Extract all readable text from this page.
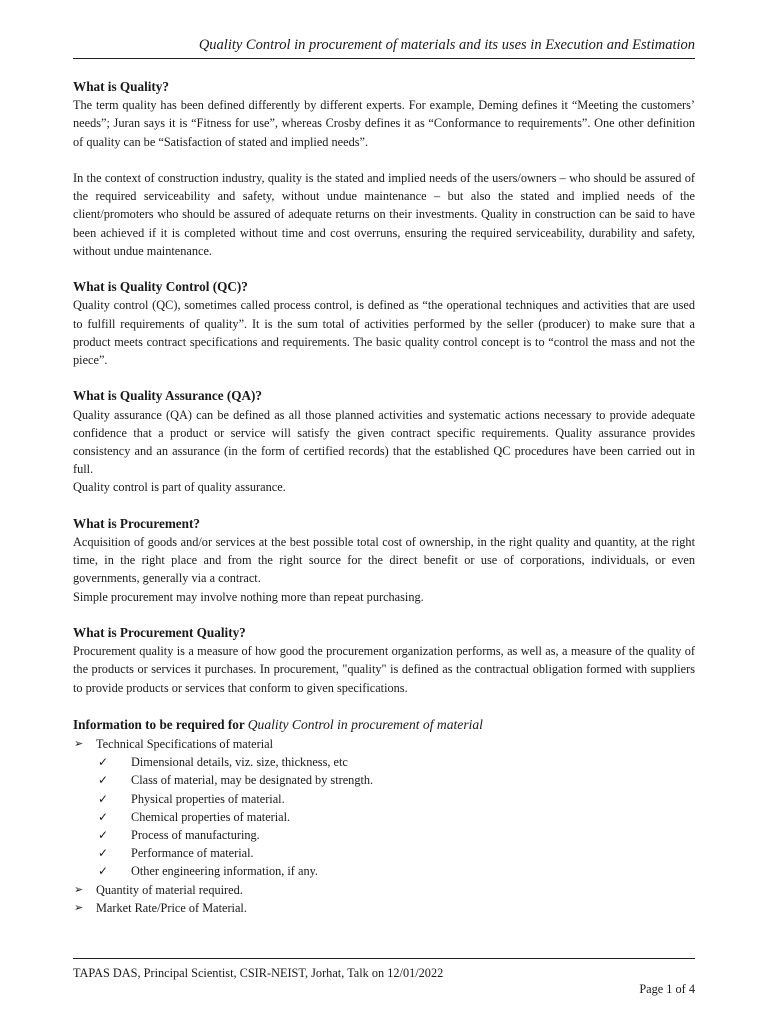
Quality Control in procurement of materials and its uses in Execution and Estimation
What is Quality?

The term quality has been defined differently by different experts. For example, Deming defines it “Meeting the customers’ needs”; Juran says it is “Fitness for use”, whereas Crosby defines it as “Conformance to requirements”. One other definition of quality can be “Satisfaction of stated and implied needs”.

In the context of construction industry, quality is the stated and implied needs of the users/owners – who should be assured of the required serviceability and safety, without undue maintenance – but also the stated and implied needs of the client/promoters who should be assured of adequate returns on their investments. Quality in construction can be said to have been achieved if it is completed without time and cost overruns, ensuring the required serviceability, durability and safety, without undue maintenance.

What is Quality Control (QC)?

Quality control (QC), sometimes called process control, is defined as “the operational techniques and activities that are used to fulfill requirements of quality”. It is the sum total of activities performed by the seller (producer) to make sure that a product meets contract specifications and requirements. The basic quality control concept is to “control the mass and not the piece”.

What is Quality Assurance (QA)?

Quality assurance (QA) can be defined as all those planned activities and systematic actions necessary to provide adequate confidence that a product or service will satisfy the given contract specific requirements. Quality assurance provides consistency and an assurance (in the form of certified records) that the established QC procedures have been carried out in full.

Quality control is part of quality assurance.

What is Procurement?

Acquisition of goods and/or services at the best possible total cost of ownership, in the right quality and quantity, at the right time, in the right place and from the right source for the direct benefit or use of corporations, individuals, or even governments, generally via a contract.

Simple procurement may involve nothing more than repeat purchasing.

What is Procurement Quality?

Procurement quality is a measure of how good the procurement organization performs, as well as, a measure of the quality of the products or services it purchases. In procurement, "quality" is defined as the contractual obligation formed with suppliers to provide products or services that conform to given specifications.

Information to be required for Quality Control in procurement of material
➢ Technical Specifications of material
✓ Dimensional details, viz. size, thickness, etc
✓ Class of material, may be designated by strength.
✓ Physical properties of material.
✓ Chemical properties of material.
✓ Process of manufacturing.
✓ Performance of material.
✓ Other engineering information, if any.
➢ Quantity of material required.
➢ Market Rate/Price of Material.
TAPAS DAS, Principal Scientist, CSIR-NEIST, Jorhat, Talk on 12/01/2022
Page 1 of 4
